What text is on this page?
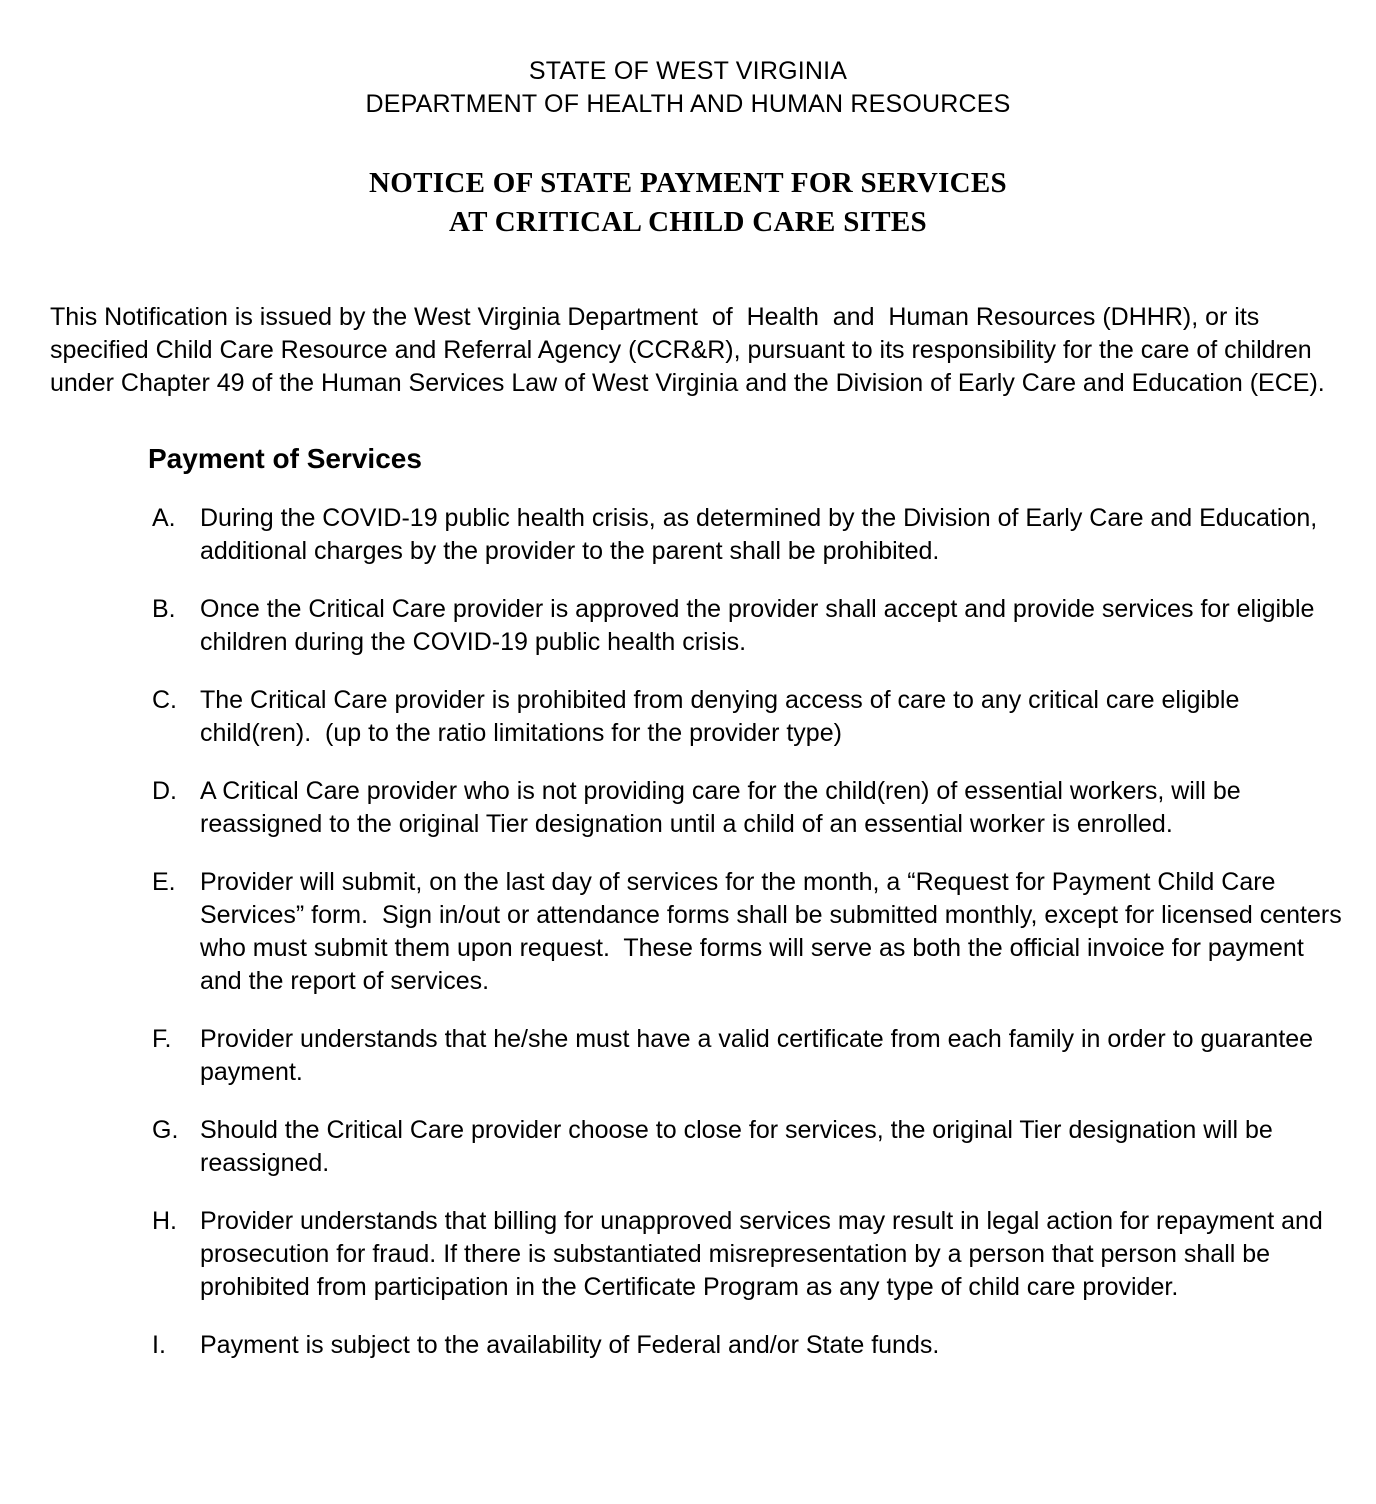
STATE OF WEST VIRGINIA
DEPARTMENT OF HEALTH AND HUMAN RESOURCES
NOTICE OF STATE PAYMENT FOR SERVICES
AT CRITICAL CHILD CARE SITES

This Notification is issued by the West Virginia Department  of  Health  and  Human Resources (DHHR), or its specified Child Care Resource and Referral Agency (CCR&R), pursuant to its responsibility for the care of children under Chapter 49 of the Human Services Law of West Virginia and the Division of Early Care and Education (ECE).

Payment of Services
A. During the COVID-19 public health crisis, as determined by the Division of Early Care and Education, additional charges by the provider to the parent shall be prohibited.
B. Once the Critical Care provider is approved the provider shall accept and provide services for eligible children during the COVID-19 public health crisis.
C. The Critical Care provider is prohibited from denying access of care to any critical care eligible child(ren).  (up to the ratio limitations for the provider type)
D. A Critical Care provider who is not providing care for the child(ren) of essential workers, will be reassigned to the original Tier designation until a child of an essential worker is enrolled.
E. Provider will submit, on the last day of services for the month, a “Request for Payment Child Care Services” form.  Sign in/out or attendance forms shall be submitted monthly, except for licensed centers who must submit them upon request.  These forms will serve as both the official invoice for payment and the report of services.
F.	Provider understands that he/she must have a valid certificate from each family in order to guarantee payment.
G. Should the Critical Care provider choose to close for services, the original Tier designation will be reassigned.
H. Provider understands that billing for unapproved services may result in legal action for repayment and prosecution for fraud. If there is substantiated misrepresentation by a person that person shall be prohibited from participation in the Certificate Program as any type of child care provider.
I.	Payment is subject to the availability of Federal and/or State funds.
